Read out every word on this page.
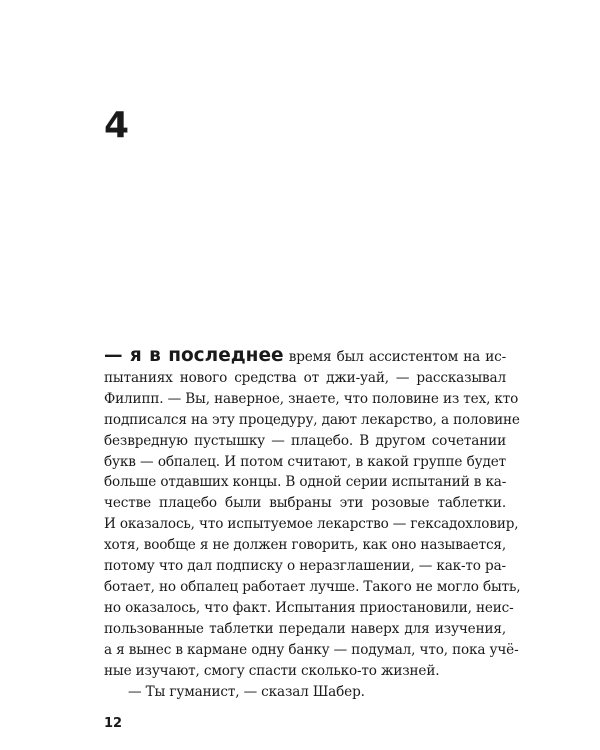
4

— я в последнее время был ассистентом на ис-
пытаниях нового средства от джи-уай, — рассказывал
Филипп. — Вы, наверное, знаете, что половине из тех, кто
подписался на эту процедуру, дают лекарство, а половине
безвредную пустышку — плацебо. В другом сочетании
букв — обпалец. И потом считают, в какой группе будет
больше отдавших концы. В одной серии испытаний в ка-
честве плацебо были выбраны эти розовые таблетки.
И оказалось, что испытуемое лекарство — гексадохловир,
хотя, вообще я не должен говорить, как оно называется,
потому что дал подписку о неразглашении, — как-то ра-
ботает, но обпалец работает лучше. Такого не могло быть,
но оказалось, что факт. Испытания приостановили, неис-
пользованные таблетки передали наверх для изучения,
а я вынес в кармане одну банку — подумал, что, пока учё-
ные изучают, смогу спасти сколько-то жизней.

— Ты гуманист, — сказал Шабер.
12
